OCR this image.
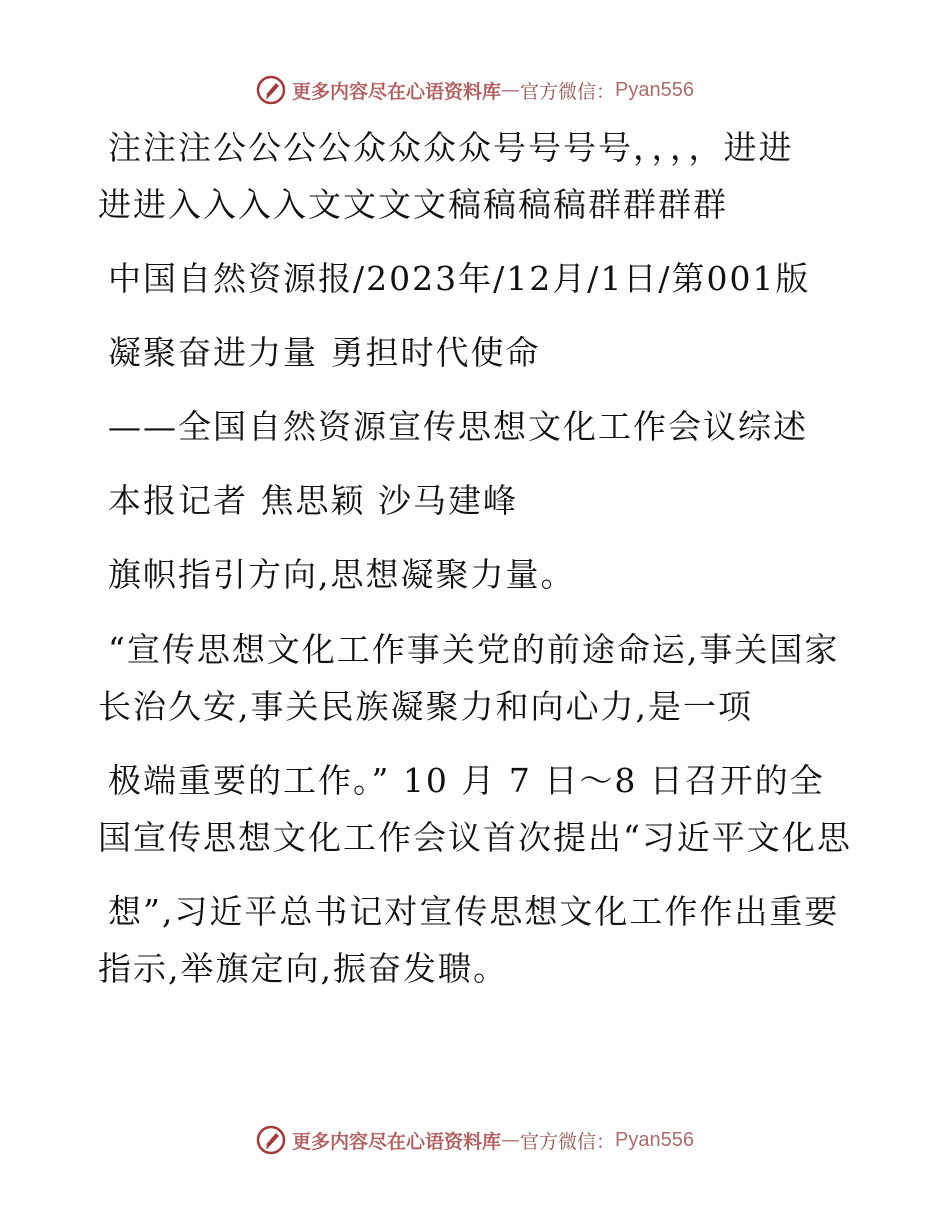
更多内容尽在心语资料库 — 官方微信： Pyan556
注注注公公公公众众众众号号号号，，，，进进
进进入入入入文文文文稿稿稿稿群群群群
中国自然资源报/2023年/12月/1日/第001版
凝聚奋进力量 勇担时代使命
——全国自然资源宣传思想文化工作会议综述
本报记者 焦思颖 沙马建峰
旗帜指引方向,思想凝聚力量。
“宣传思想文化工作事关党的前途命运,事关国家
长治久安,事关民族凝聚力和向心力,是一项
极端重要的工作。” 10 月 7 日～8 日召开的全
国宣传思想文化工作会议首次提出“习近平文化思
想”,习近平总书记对宣传思想文化工作作出重要
指示,举旗定向,振奋发聩。
更多内容尽在心语资料库 — 官方微信： Pyan556
